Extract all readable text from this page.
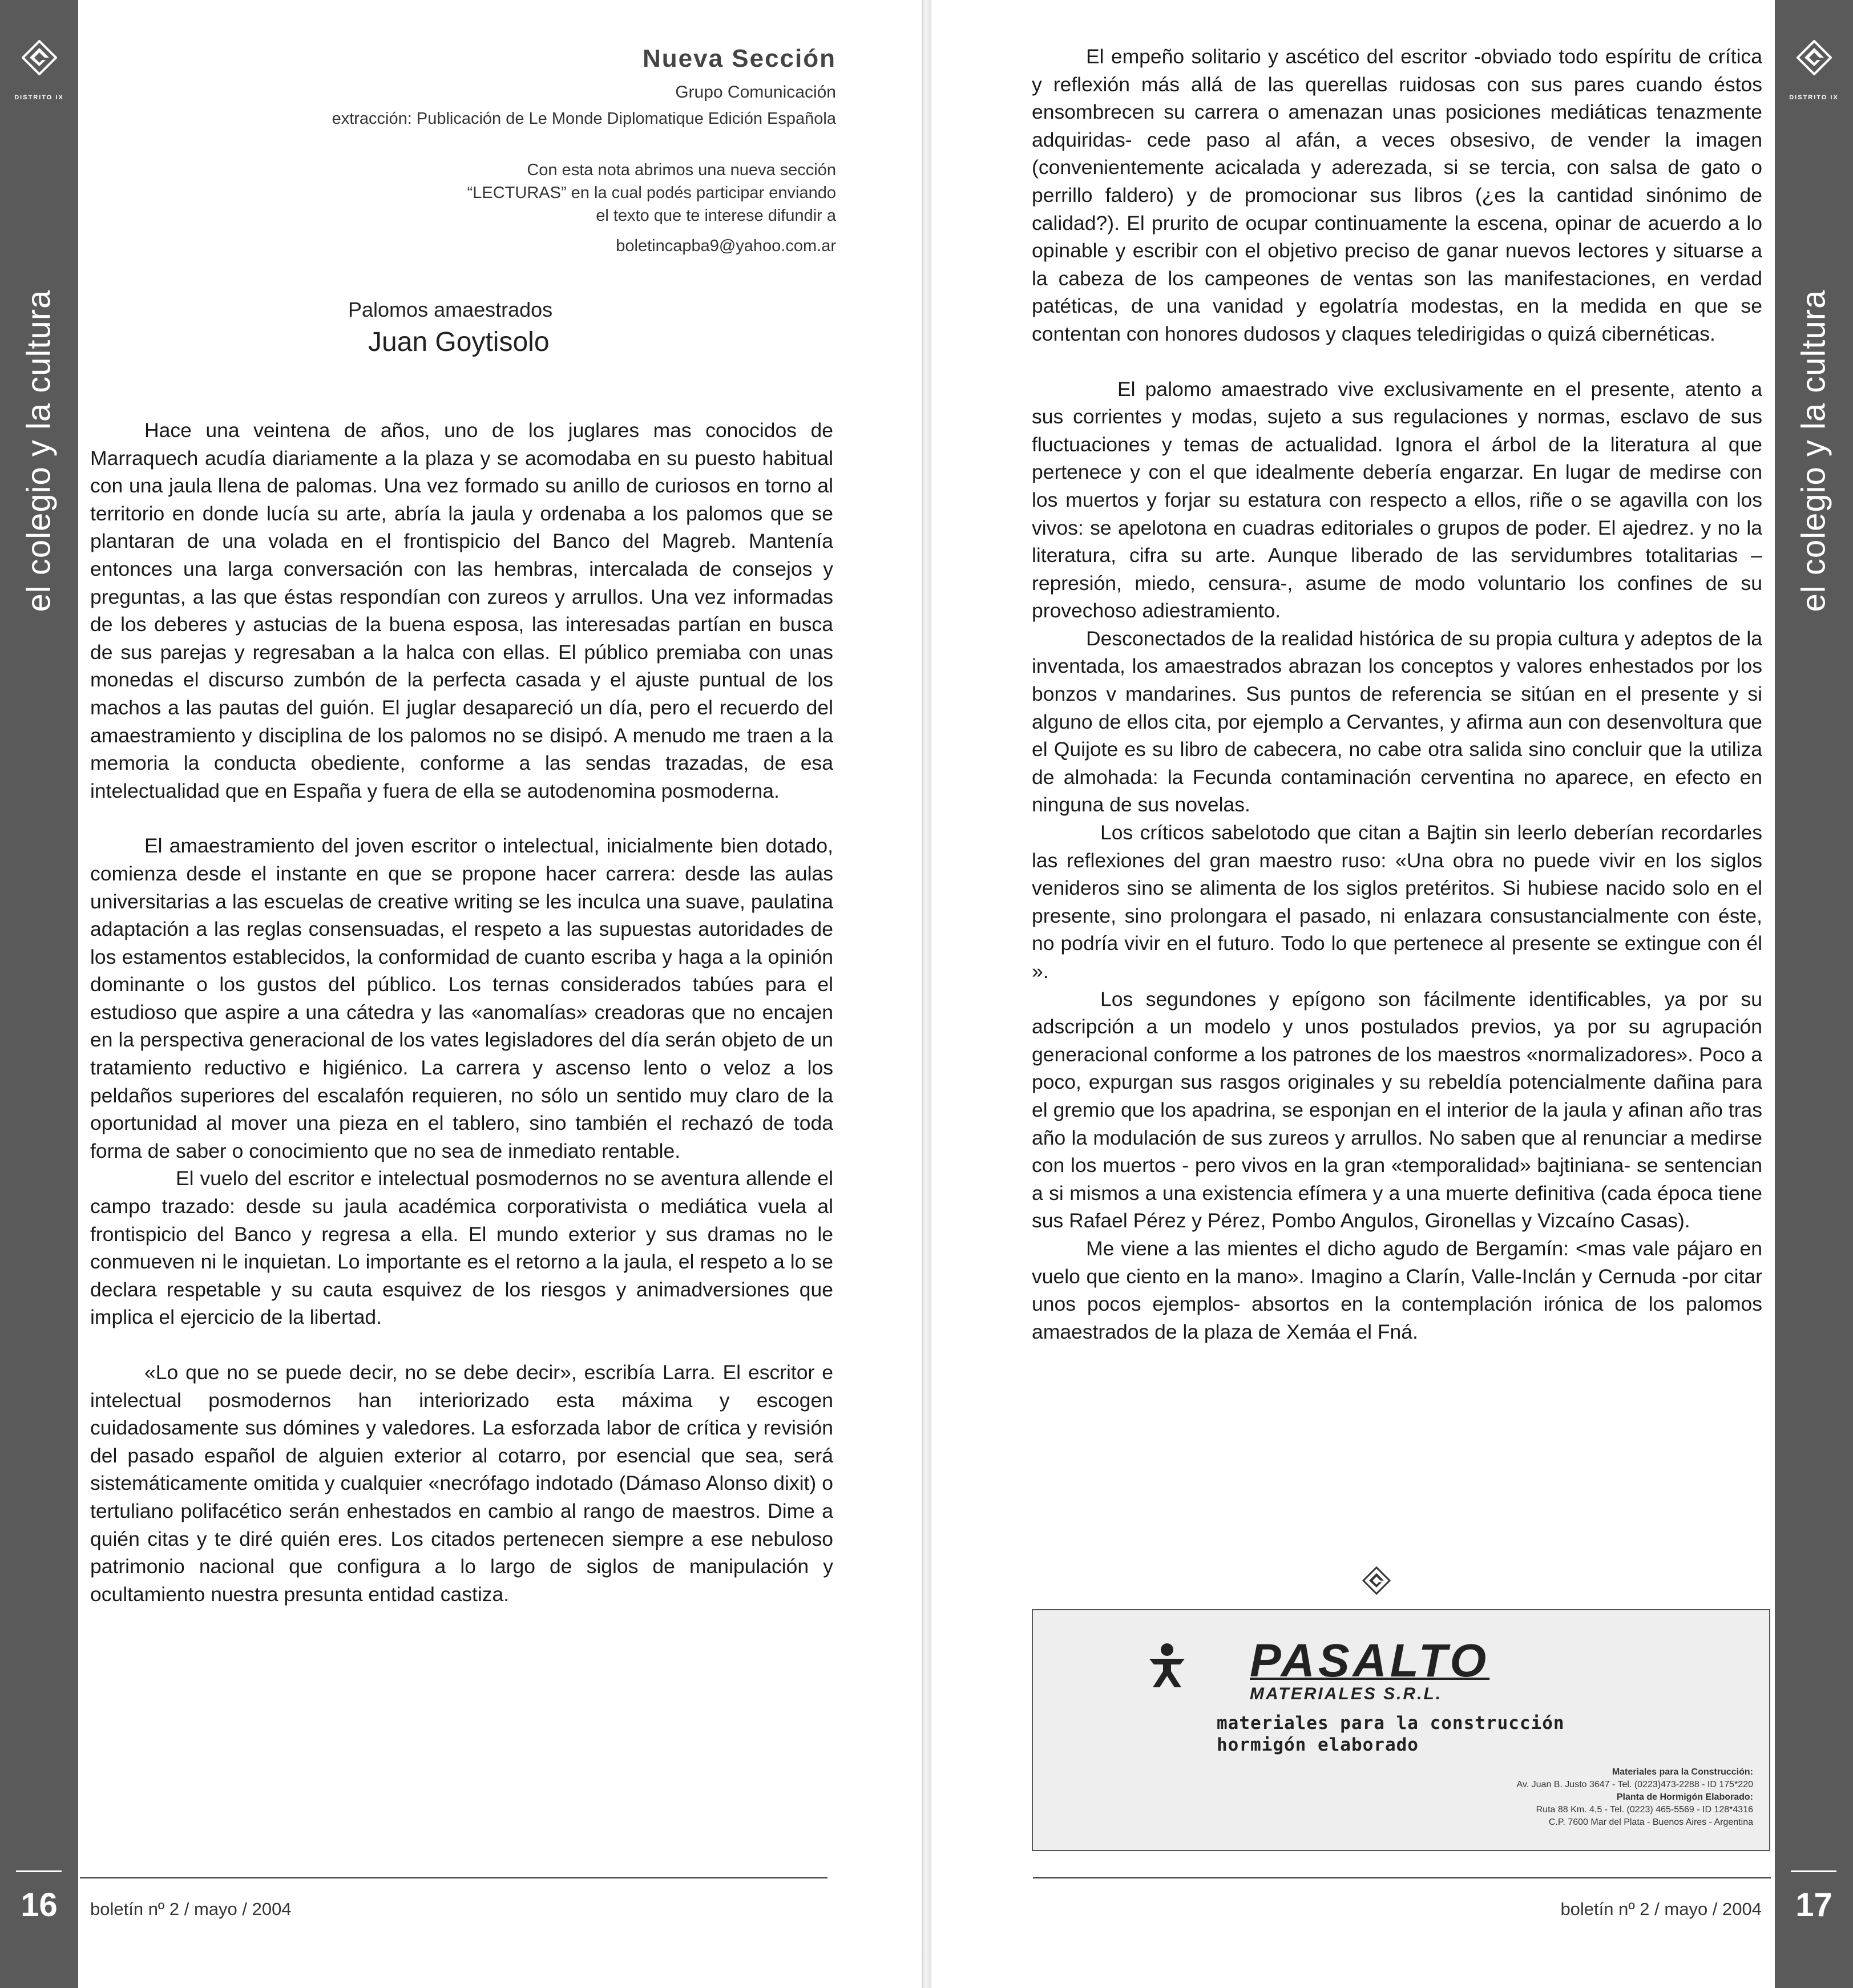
DISTRITO IX
el colegio y la cultura
16
Nueva Sección
Grupo Comunicación
extracción: Publicación de Le Monde Diplomatique Edición Española
Con esta nota abrimos una nueva sección
“LECTURAS” en la cual podés participar enviando
el texto que te interese difundir a
boletincapba9@yahoo.com.ar
Palomos amaestrados
Juan Goytisolo

Hace una veintena de años, uno de los juglares mas conocidos de Marraquech acudía diariamente a la plaza y se acomodaba en su puesto habitual con una jaula llena de palomas. Una vez formado su anillo de curiosos en torno al territorio en donde lucía su arte, abría la jaula y ordenaba a los palomos que se plantaran de una volada en el frontispicio del Banco del Magreb. Mantenía entonces una larga conversación con las hembras, intercalada de consejos y preguntas, a las que éstas respondían con zureos y arrullos. Una vez informadas de los deberes y astucias de la buena esposa, las interesadas partían en busca de sus parejas y regresaban a la halca con ellas. El público premiaba con unas monedas el discurso zumbón de la perfecta casada y el ajuste puntual de los machos a las pautas del guión. El juglar desapareció un día, pero el recuerdo del amaestramiento y disciplina de los palomos no se disipó. A menudo me traen a la memoria la conducta obediente, conforme a las sendas trazadas, de esa intelectualidad que en España y fuera de ella se autodenomina posmoderna.

El amaestramiento del joven escritor o intelectual, inicialmente bien dotado, comienza desde el instante en que se propone hacer carrera: desde las aulas universitarias a las escuelas de creative writing se les inculca una suave, paulatina adaptación a las reglas consensuadas, el respeto a las supuestas autoridades de los estamentos establecidos, la conformidad de cuanto escriba y haga a la opinión dominante o los gustos del público. Los ternas considerados tabúes para el estudioso que aspire a una cátedra y las «anomalías» creadoras que no encajen en la perspectiva generacional de los vates legisladores del día serán objeto de un tratamiento reductivo e higiénico. La carrera y ascenso lento o veloz a los peldaños superiores del escalafón requieren, no sólo un sentido muy claro de la oportunidad al mover una pieza en el tablero, sino también el rechazó de toda forma de saber o conocimiento que no sea de inmediato rentable.

El vuelo del escritor e intelectual posmodernos no se aventura allende el campo trazado: desde su jaula académica corporativista o mediática vuela al frontispicio del Banco y regresa a ella. El mundo exterior y sus dramas no le conmueven ni le inquietan. Lo importante es el retorno a la jaula, el respeto a lo se declara respetable y su cauta esquivez de los riesgos y animadversiones que implica el ejercicio de la libertad.

«Lo que no se puede decir, no se debe decir», escribía Larra. El escritor e intelectual posmodernos han interiorizado esta máxima y escogen cuidadosamente sus dómines y valedores. La esforzada labor de crítica y revisión del pasado español de alguien exterior al cotarro, por esencial que sea, será sistemáticamente omitida y cualquier «necrófago indotado (Dámaso Alonso dixit) o tertuliano polifacético serán enhestados en cambio al rango de maestros. Dime a quién citas y te diré quién eres. Los citados pertenecen siempre a ese nebuloso patrimonio nacional que configura a lo largo de siglos de manipulación y ocultamiento nuestra presunta entidad castiza.

boletín nº 2 / mayo / 2004
DISTRITO IX
el colegio y la cultura
17

El empeño solitario y ascético del escritor -obviado todo espíritu de crítica y reflexión más allá de las querellas ruidosas con sus pares cuando éstos ensombrecen su carrera o amenazan unas posiciones mediáticas tenazmente adquiridas- cede paso al afán, a veces obsesivo, de vender la imagen (convenientemente acicalada y aderezada, si se tercia, con salsa de gato o perrillo faldero) y de promocionar sus libros (¿es la cantidad sinónimo de calidad?). El prurito de ocupar continuamente la escena, opinar de acuerdo a lo opinable y escribir con el objetivo preciso de ganar nuevos lectores y situarse a la cabeza de los campeones de ventas son las manifestaciones, en verdad patéticas, de una vanidad y egolatría modestas, en la medida en que se contentan con honores dudosos y claques teledirigidas o quizá cibernéticas.

El palomo amaestrado vive exclusivamente en el presente, atento a sus corrientes y modas, sujeto a sus regulaciones y normas, esclavo de sus fluctuaciones y temas de actualidad. Ignora el árbol de la literatura al que pertenece y con el que idealmente debería engarzar. En lugar de medirse con los muertos y forjar su estatura con respecto a ellos, riñe o se agavilla con los vivos: se apelotona en cuadras editoriales o grupos de poder. El ajedrez. y no la literatura, cifra su arte. Aunque liberado de las servidumbres totalitarias –represión, miedo, censura-, asume de modo voluntario los confines de su provechoso adiestramiento.

Desconectados de la realidad histórica de su propia cultura y adeptos de la inventada, los amaestrados abrazan los conceptos y valores enhestados por los bonzos v mandarines. Sus puntos de referencia se sitúan en el presente y si alguno de ellos cita, por ejemplo a Cervantes, y afirma aun con desenvoltura que el Quijote es su libro de cabecera, no cabe otra salida sino concluir que la utiliza de almohada: la Fecunda contaminación cerventina no aparece, en efecto en ninguna de sus novelas.

Los críticos sabelotodo que citan a Bajtin sin leerlo deberían recordarles las reflexiones del gran maestro ruso: «Una obra no puede vivir en los siglos venideros sino se alimenta de los siglos pretéritos. Si hubiese nacido solo en el presente, sino prolongara el pasado, ni enlazara consustancialmente con éste, no podría vivir en el futuro. Todo lo que pertenece al presente se extingue con él ».

Los segundones y epígono son fácilmente identificables, ya por su adscripción a un modelo y unos postulados previos, ya por su agrupación generacional conforme a los patrones de los maestros «normalizadores». Poco a poco, expurgan sus rasgos originales y su rebeldía potencialmente dañina para el gremio que los apadrina, se esponjan en el interior de la jaula y afinan año tras año la modulación de sus zureos y arrullos. No saben que al renunciar a medirse con los muertos - pero vivos en la gran «temporalidad» bajtiniana- se sentencian a si mismos a una existencia efímera y a una muerte definitiva (cada época tiene sus Rafael Pérez y Pérez, Pombo Angulos, Gironellas y Vizcaíno Casas).

Me viene a las mientes el dicho agudo de Bergamín: <mas vale pájaro en vuelo que ciento en la mano». Imagino a Clarín, Valle-Inclán y Cernuda -por citar unos pocos ejemplos- absortos en la contemplación irónica de los palomos amaestrados de la plaza de Xemáa el Fná.

PASALTO
MATERIALES S.R.L.
materiales para la construcción
hormigón elaborado
Materiales para la Construcción:
Av. Juan B. Justo 3647 - Tel. (0223)473-2288 - ID 175*220
Planta de Hormigón Elaborado:
Ruta 88 Km. 4,5 - Tel. (0223) 465-5569 - ID 128*4316
C.P. 7600 Mar del Plata - Buenos Aires - Argentina
boletín nº 2 / mayo / 2004
